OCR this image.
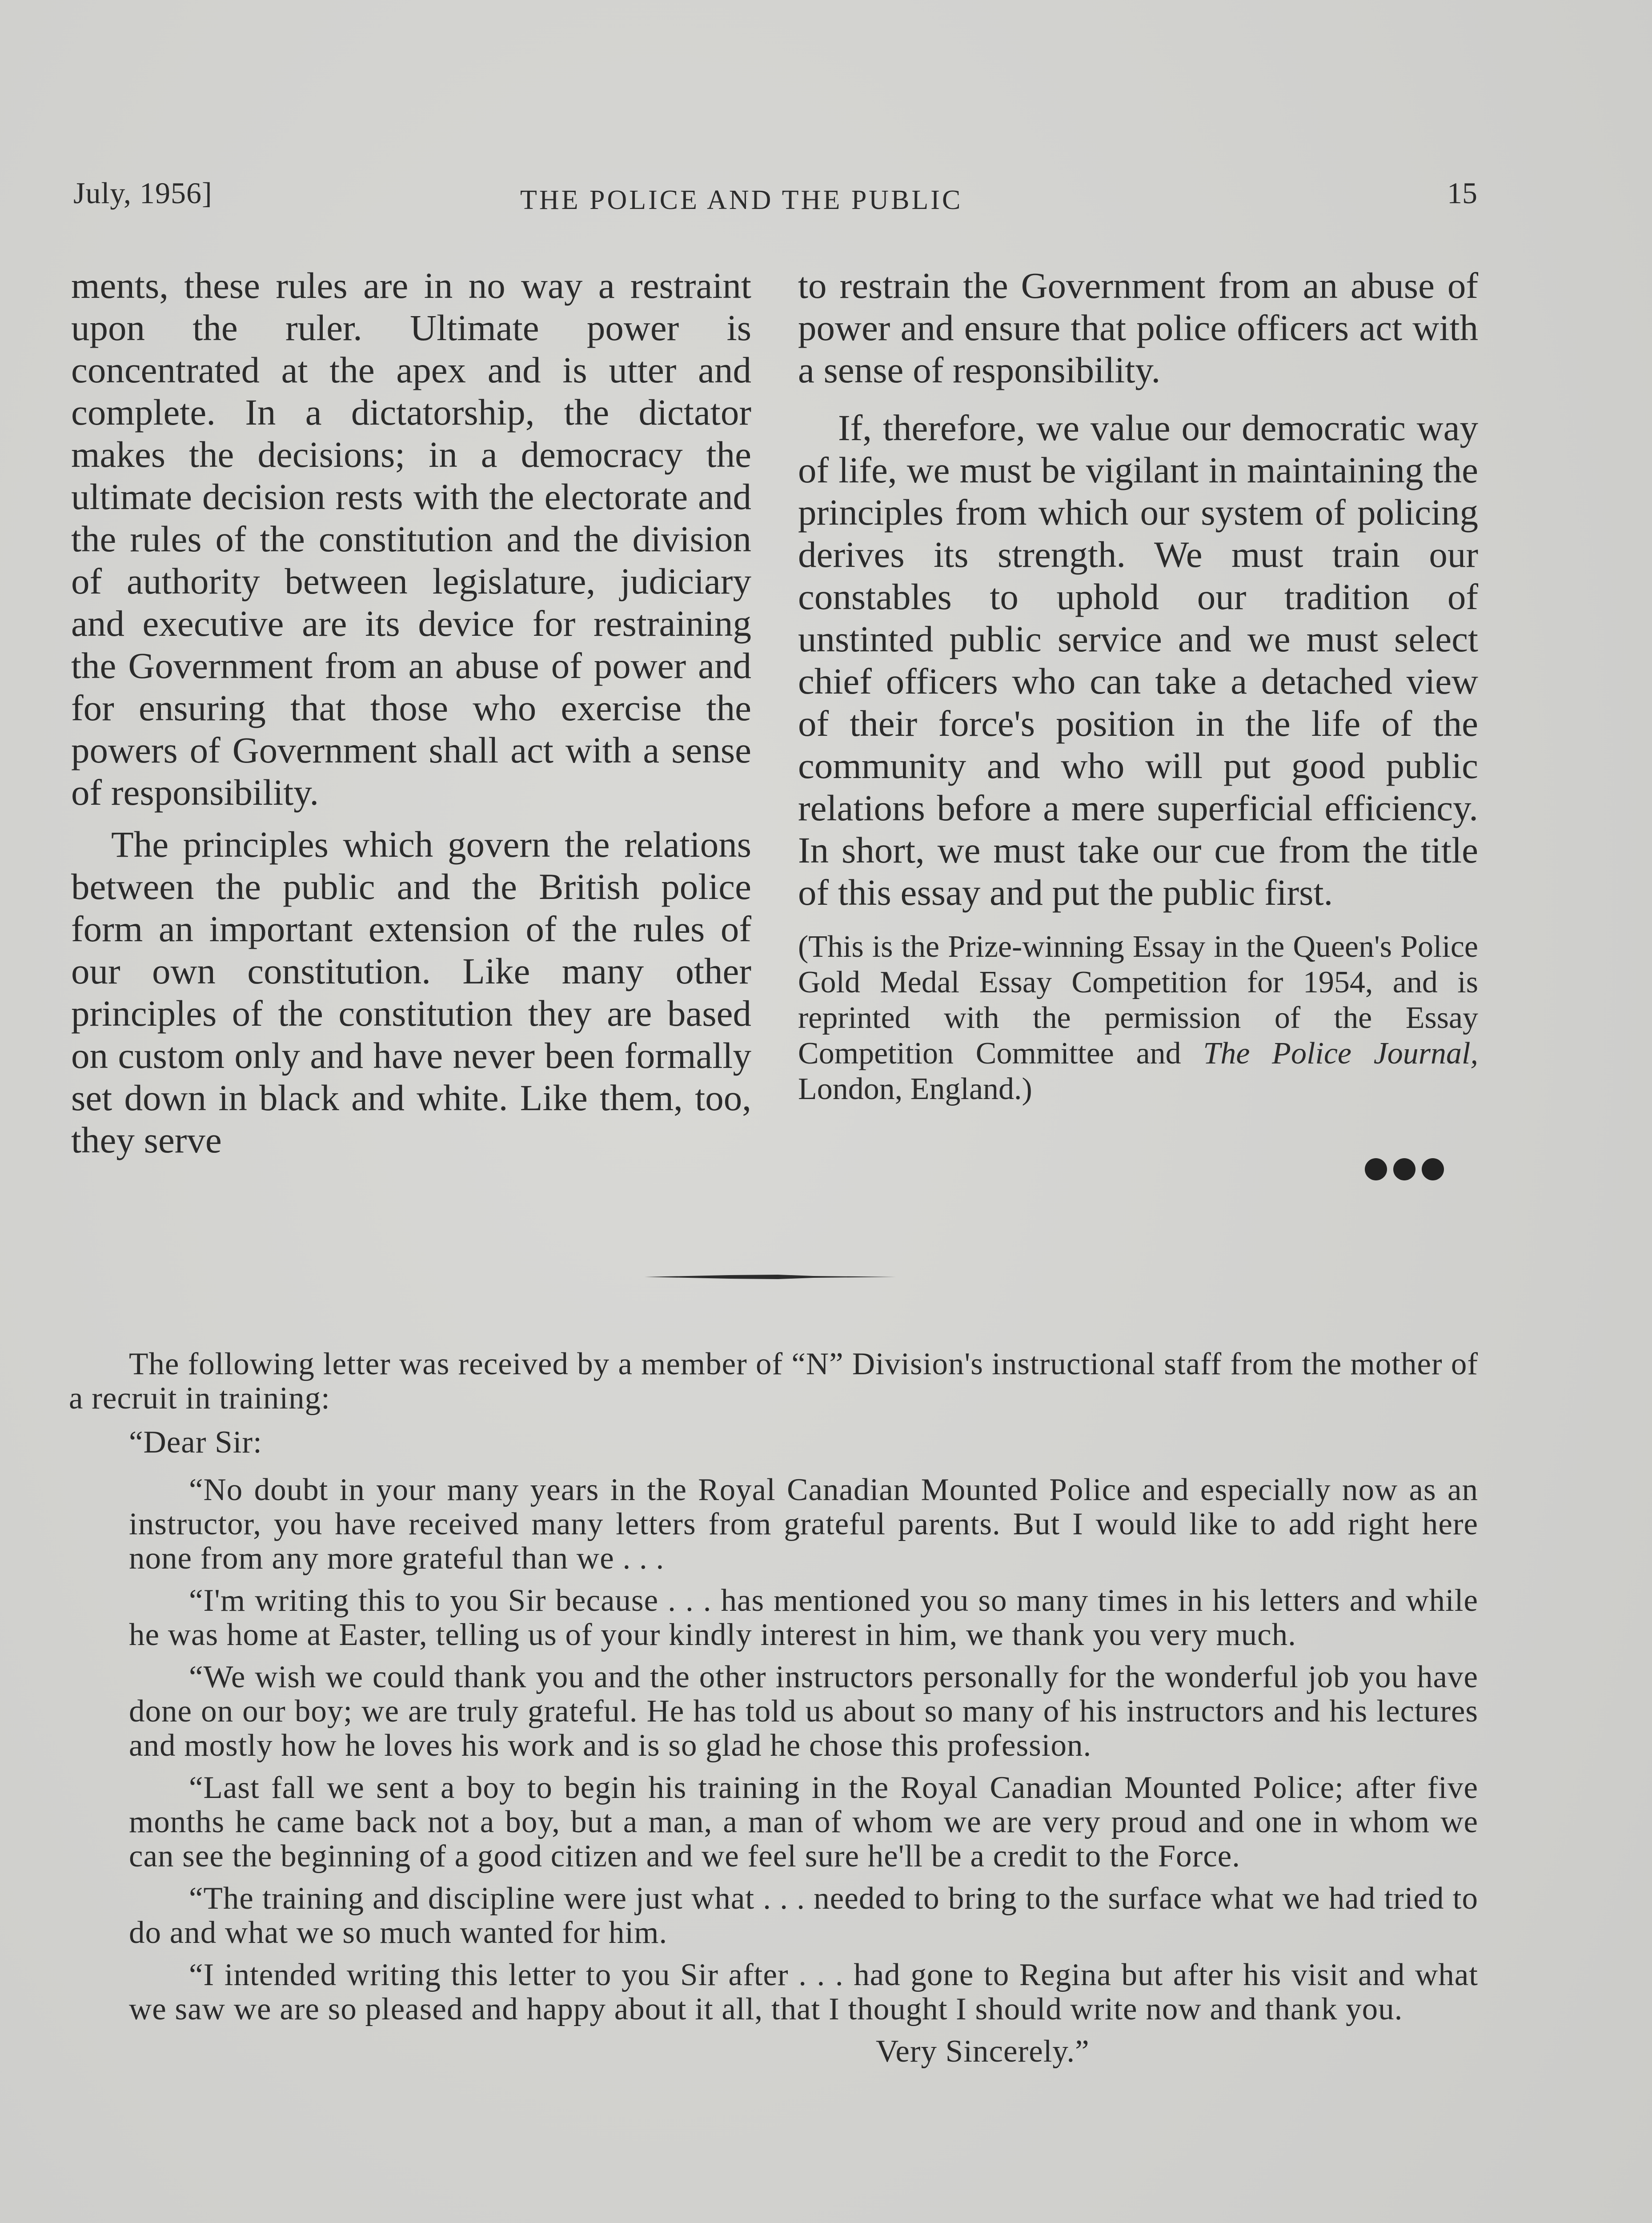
July, 1956]	THE POLICE AND THE PUBLIC	15

ments, these rules are in no way a restraint upon the ruler. Ultimate power is concentrated at the apex and is utter and complete. In a dictatorship, the dictator makes the decisions; in a democracy the ultimate decision rests with the electorate and the rules of the constitution and the division of authority between legislature, judiciary and executive are its device for restraining the Government from an abuse of power and for ensuring that those who exercise the powers of Government shall act with a sense of responsibility.

The principles which govern the relations between the public and the British police form an important extension of the rules of our own constitution. Like many other principles of the constitution they are based on custom only and have never been formally set down in black and white. Like them, too, they serve

to restrain the Government from an abuse of power and ensure that police officers act with a sense of responsibility.

If, therefore, we value our democratic way of life, we must be vigilant in maintaining the principles from which our system of policing derives its strength. We must train our constables to uphold our tradition of unstinted public service and we must select chief officers who can take a detached view of their force's position in the life of the community and who will put good public relations before a mere superficial efficiency. In short, we must take our cue from the title of this essay and put the public first.

(This is the Prize-winning Essay in the Queen's Police Gold Medal Essay Competition for 1954, and is reprinted with the permission of the Essay Competition Committee and The Police Journal, London, England.)

The following letter was received by a member of “N” Division's instructional staff from the mother of a recruit in training:

“Dear Sir:

“No doubt in your many years in the Royal Canadian Mounted Police and especially now as an instructor, you have received many letters from grateful parents. But I would like to add right here none from any more grateful than we . . .

“I'm writing this to you Sir because . . . has mentioned you so many times in his letters and while he was home at Easter, telling us of your kindly interest in him, we thank you very much.

“We wish we could thank you and the other instructors personally for the wonderful job you have done on our boy; we are truly grateful. He has told us about so many of his instructors and his lectures and mostly how he loves his work and is so glad he chose this profession.

“Last fall we sent a boy to begin his training in the Royal Canadian Mounted Police; after five months he came back not a boy, but a man, a man of whom we are very proud and one in whom we can see the beginning of a good citizen and we feel sure he'll be a credit to the Force.

“The training and discipline were just what . . . needed to bring to the surface what we had tried to do and what we so much wanted for him.

“I intended writing this letter to you Sir after . . . had gone to Regina but after his visit and what we saw we are so pleased and happy about it all, that I thought I should write now and thank you.

Very Sincerely.”
